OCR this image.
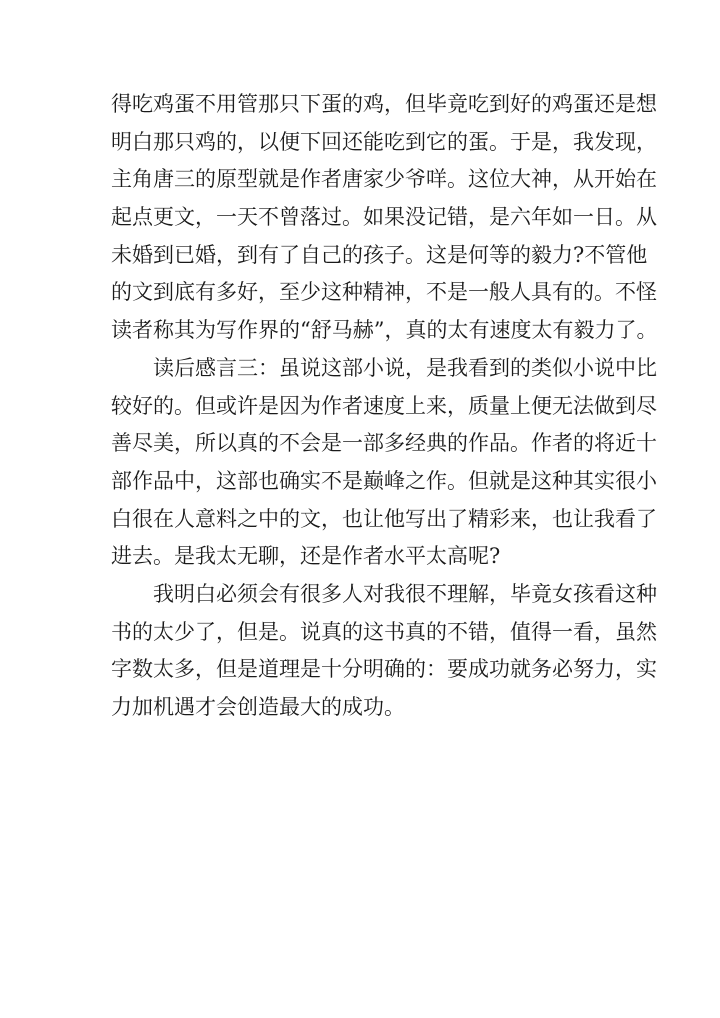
得吃鸡蛋不用管那只下蛋的鸡，但毕竟吃到好的鸡蛋还是想
明白那只鸡的，以便下回还能吃到它的蛋。于是，我发现，
主角唐三的原型就是作者唐家少爷咩。这位大神，从开始在
起点更文，一天不曾落过。如果没记错，是六年如一日。从
未婚到已婚，到有了自己的孩子。这是何等的毅力?不管他
的文到底有多好，至少这种精神，不是一般人具有的。不怪
读者称其为写作界的“舒马赫”，真的太有速度太有毅力了。
读后感言三：虽说这部小说，是我看到的类似小说中比
较好的。但或许是因为作者速度上来，质量上便无法做到尽
善尽美，所以真的不会是一部多经典的作品。作者的将近十
部作品中，这部也确实不是巅峰之作。但就是这种其实很小
白很在人意料之中的文，也让他写出了精彩来，也让我看了
进去。是我太无聊，还是作者水平太高呢?
我明白必须会有很多人对我很不理解，毕竟女孩看这种
书的太少了，但是。说真的这书真的不错，值得一看，虽然
字数太多，但是道理是十分明确的：要成功就务必努力，实
力加机遇才会创造最大的成功。
